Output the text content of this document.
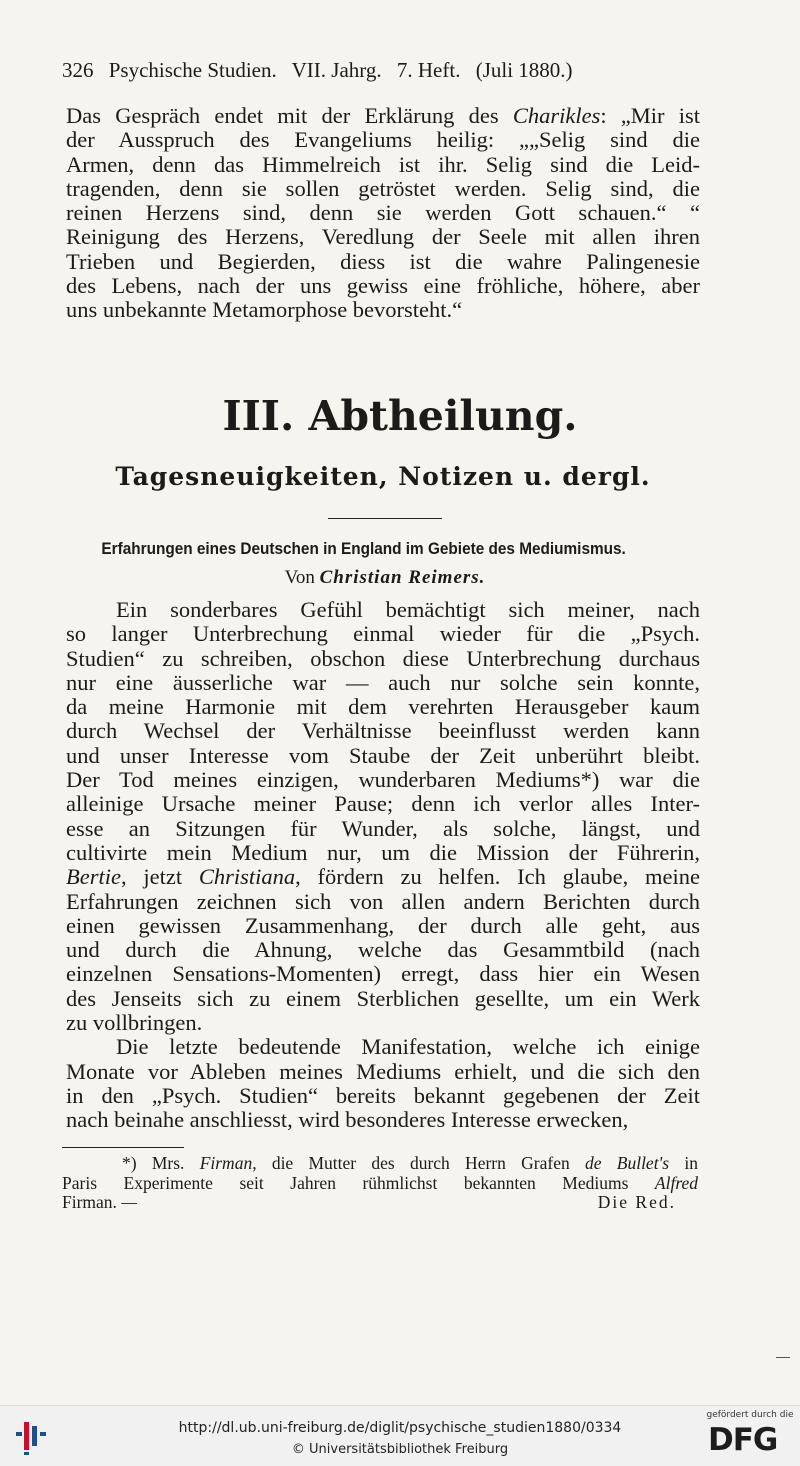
326 Psychische Studien. VII. Jahrg. 7. Heft. (Juli 1880.)
Das Gespräch endet mit der Erklärung des Charikles: „Mir ist
der Ausspruch des Evangeliums heilig: „„Selig sind die
Armen, denn das Himmelreich ist ihr. Selig sind die Leid-
tragenden, denn sie sollen getröstet werden. Selig sind, die
reinen Herzens sind, denn sie werden Gott schauen.“ “
Reinigung des Herzens, Veredlung der Seele mit allen ihren
Trieben und Begierden, diess ist die wahre Palingenesie
des Lebens, nach der uns gewiss eine fröhliche, höhere, aber
uns unbekannte Metamorphose bevorsteht.“
III. Abtheilung.
Tagesneuigkeiten, Notizen u. dergl.
Erfahrungen eines Deutschen in England im Gebiete des Mediumismus.
Von Christian Reimers.
Ein sonderbares Gefühl bemächtigt sich meiner, nach
so langer Unterbrechung einmal wieder für die „Psych.
Studien“ zu schreiben, obschon diese Unterbrechung durchaus
nur eine äusserliche war — auch nur solche sein konnte,
da meine Harmonie mit dem verehrten Herausgeber kaum
durch Wechsel der Verhältnisse beeinflusst werden kann
und unser Interesse vom Staube der Zeit unberührt bleibt.
Der Tod meines einzigen, wunderbaren Mediums*) war die
alleinige Ursache meiner Pause; denn ich verlor alles Inter-
esse an Sitzungen für Wunder, als solche, längst, und
cultivirte mein Medium nur, um die Mission der Führerin,
Bertie, jetzt Christiana, fördern zu helfen. Ich glaube, meine
Erfahrungen zeichnen sich von allen andern Berichten durch
einen gewissen Zusammenhang, der durch alle geht, aus
und durch die Ahnung, welche das Gesammtbild (nach
einzelnen Sensations-Momenten) erregt, dass hier ein Wesen
des Jenseits sich zu einem Sterblichen gesellte, um ein Werk
zu vollbringen.
Die letzte bedeutende Manifestation, welche ich einige
Monate vor Ableben meines Mediums erhielt, und die sich den
in den „Psych. Studien“ bereits bekannt gegebenen der Zeit
nach beinahe anschliesst, wird besonderes Interesse erwecken,
*) Mrs. Firman, die Mutter des durch Herrn Grafen de Bullet's in
Paris Experimente seit Jahren rühmlichst bekannten Mediums Alfred
Firman. —	Die Red.
http://dl.ub.uni-freiburg.de/diglit/psychische_studien1880/0334
© Universitätsbibliothek Freiburg
gefördert durch die
DFG
